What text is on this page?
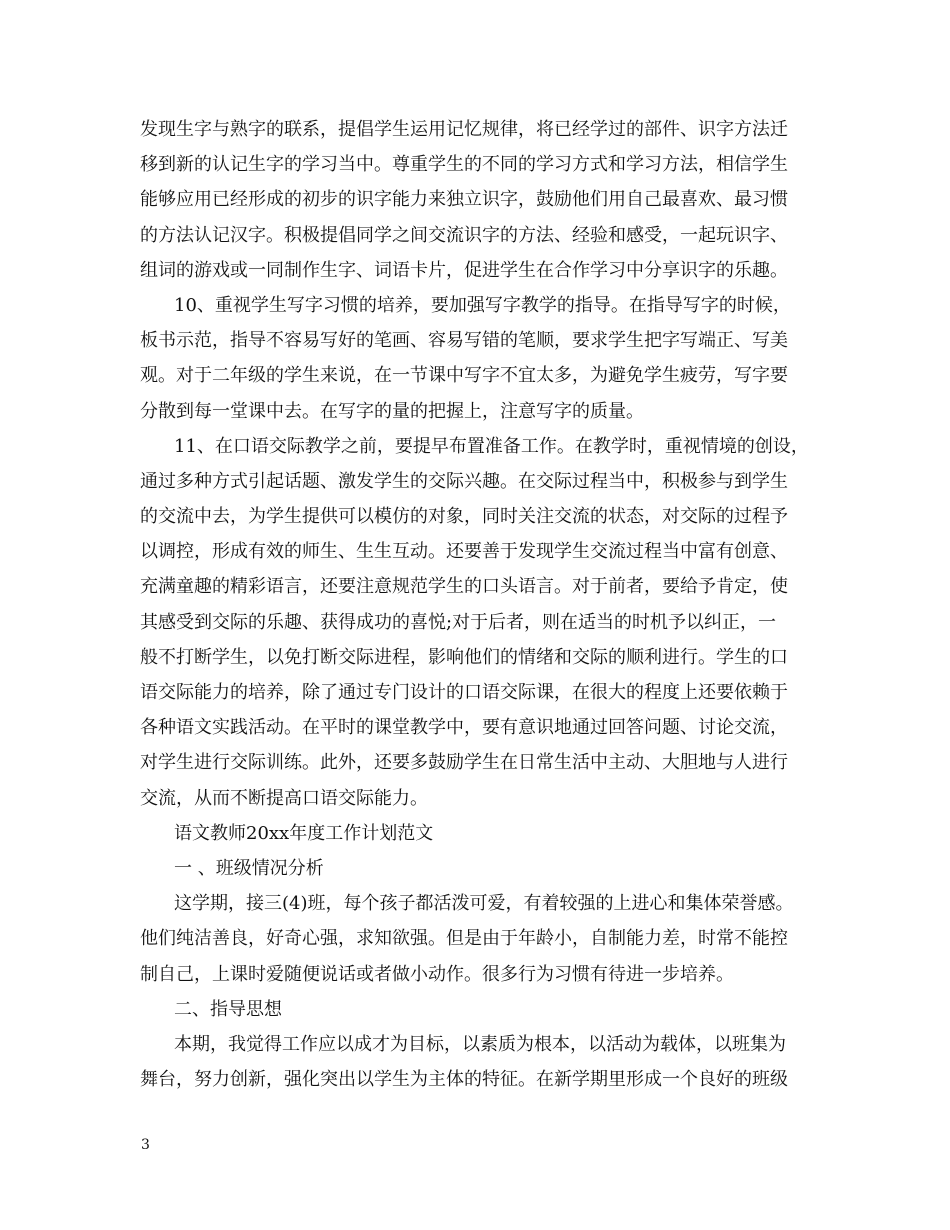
发现生字与熟字的联系，提倡学生运用记忆规律，将已经学过的部件、识字方法迁
移到新的认记生字的学习当中。尊重学生的不同的学习方式和学习方法，相信学生
能够应用已经形成的初步的识字能力来独立识字，鼓励他们用自己最喜欢、最习惯
的方法认记汉字。积极提倡同学之间交流识字的方法、经验和感受，一起玩识字、
组词的游戏或一同制作生字、词语卡片，促进学生在合作学习中分享识字的乐趣。
10、重视学生写字习惯的培养，要加强写字教学的指导。在指导写字的时候，
板书示范，指导不容易写好的笔画、容易写错的笔顺，要求学生把字写端正、写美
观。对于二年级的学生来说，在一节课中写字不宜太多，为避免学生疲劳，写字要
分散到每一堂课中去。在写字的量的把握上，注意写字的质量。
11、在口语交际教学之前，要提早布置准备工作。在教学时，重视情境的创设，
通过多种方式引起话题、激发学生的交际兴趣。在交际过程当中，积极参与到学生
的交流中去，为学生提供可以模仿的对象，同时关注交流的状态，对交际的过程予
以调控，形成有效的师生、生生互动。还要善于发现学生交流过程当中富有创意、
充满童趣的精彩语言，还要注意规范学生的口头语言。对于前者，要给予肯定，使
其感受到交际的乐趣、获得成功的喜悦;对于后者，则在适当的时机予以纠正，一
般不打断学生，以免打断交际进程，影响他们的情绪和交际的顺利进行。学生的口
语交际能力的培养，除了通过专门设计的口语交际课，在很大的程度上还要依赖于
各种语文实践活动。在平时的课堂教学中，要有意识地通过回答问题、讨论交流，
对学生进行交际训练。此外，还要多鼓励学生在日常生活中主动、大胆地与人进行
交流，从而不断提高口语交际能力。
语文教师20xx年度工作计划范文
一 、班级情况分析
这学期，接三(4)班，每个孩子都活泼可爱，有着较强的上进心和集体荣誉感。
他们纯洁善良，好奇心强，求知欲强。但是由于年龄小，自制能力差，时常不能控
制自己，上课时爱随便说话或者做小动作。很多行为习惯有待进一步培养。
二、指导思想
本期，我觉得工作应以成才为目标，以素质为根本，以活动为载体，以班集为
舞台，努力创新，强化突出以学生为主体的特征。在新学期里形成一个良好的班级
3
